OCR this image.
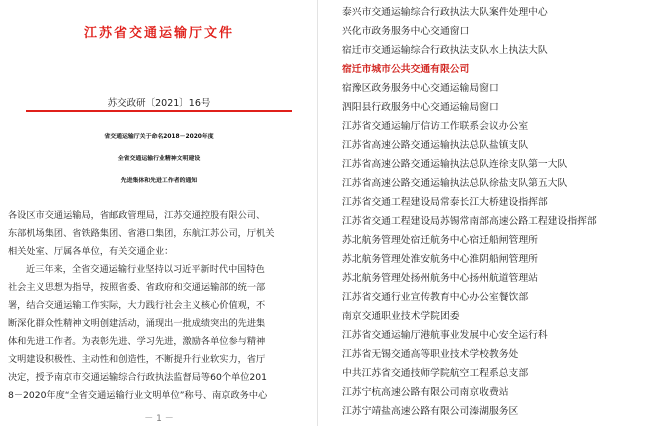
江苏省交通运输厅文件
苏交政研〔2021〕16号
省交通运输厅关于命名2018－2020年度
全省交通运输行业精神文明建设
先进集体和先进工作者的通知
各设区市交通运输局，省邮政管理局，江苏交通控股有限公司、
东部机场集团、省铁路集团、省港口集团，东航江苏公司，厅机关
相关处室、厅属各单位，有关交通企业：
近三年来，全省交通运输行业坚持以习近平新时代中国特色
社会主义思想为指导，按照省委、省政府和交通运输部的统一部
署，结合交通运输工作实际，大力践行社会主义核心价值观，不
断深化群众性精神文明创建活动，涌现出一批成绩突出的先进集
体和先进工作者。为表彰先进、学习先进，激励各单位参与精神
文明建设积极性、主动性和创造性，不断提升行业软实力，省厅
决定，授予南京市交通运输综合行政执法监督局等60个单位201
8－2020年度“全省交通运输行业文明单位”称号、南京政务中心
－ 1 －
泰兴市交通运输综合行政执法大队案件处理中心
兴化市政务服务中心交通窗口
宿迁市交通运输综合行政执法支队水上执法大队
宿迁市城市公共交通有限公司
宿豫区政务服务中心交通运输局窗口
泗阳县行政服务中心交通运输局窗口
江苏省交通运输厅信访工作联系会议办公室
江苏省高速公路交通运输执法总队盐镇支队
江苏省高速公路交通运输执法总队连徐支队第一大队
江苏省高速公路交通运输执法总队徐盐支队第五大队
江苏省交通工程建设局常泰长江大桥建设指挥部
江苏省交通工程建设局苏锡常南部高速公路工程建设指挥部
苏北航务管理处宿迁航务中心宿迁船闸管理所
苏北航务管理处淮安航务中心淮阴船闸管理所
苏北航务管理处扬州航务中心扬州航道管理站
江苏省交通行业宣传教育中心办公室餐饮部
南京交通职业技术学院团委
江苏省交通运输厅港航事业发展中心安全运行科
江苏省无锡交通高等职业技术学校教务处
中共江苏省交通技师学院航空工程系总支部
江苏宁杭高速公路有限公司南京收费站
江苏宁靖盐高速公路有限公司溱湖服务区
